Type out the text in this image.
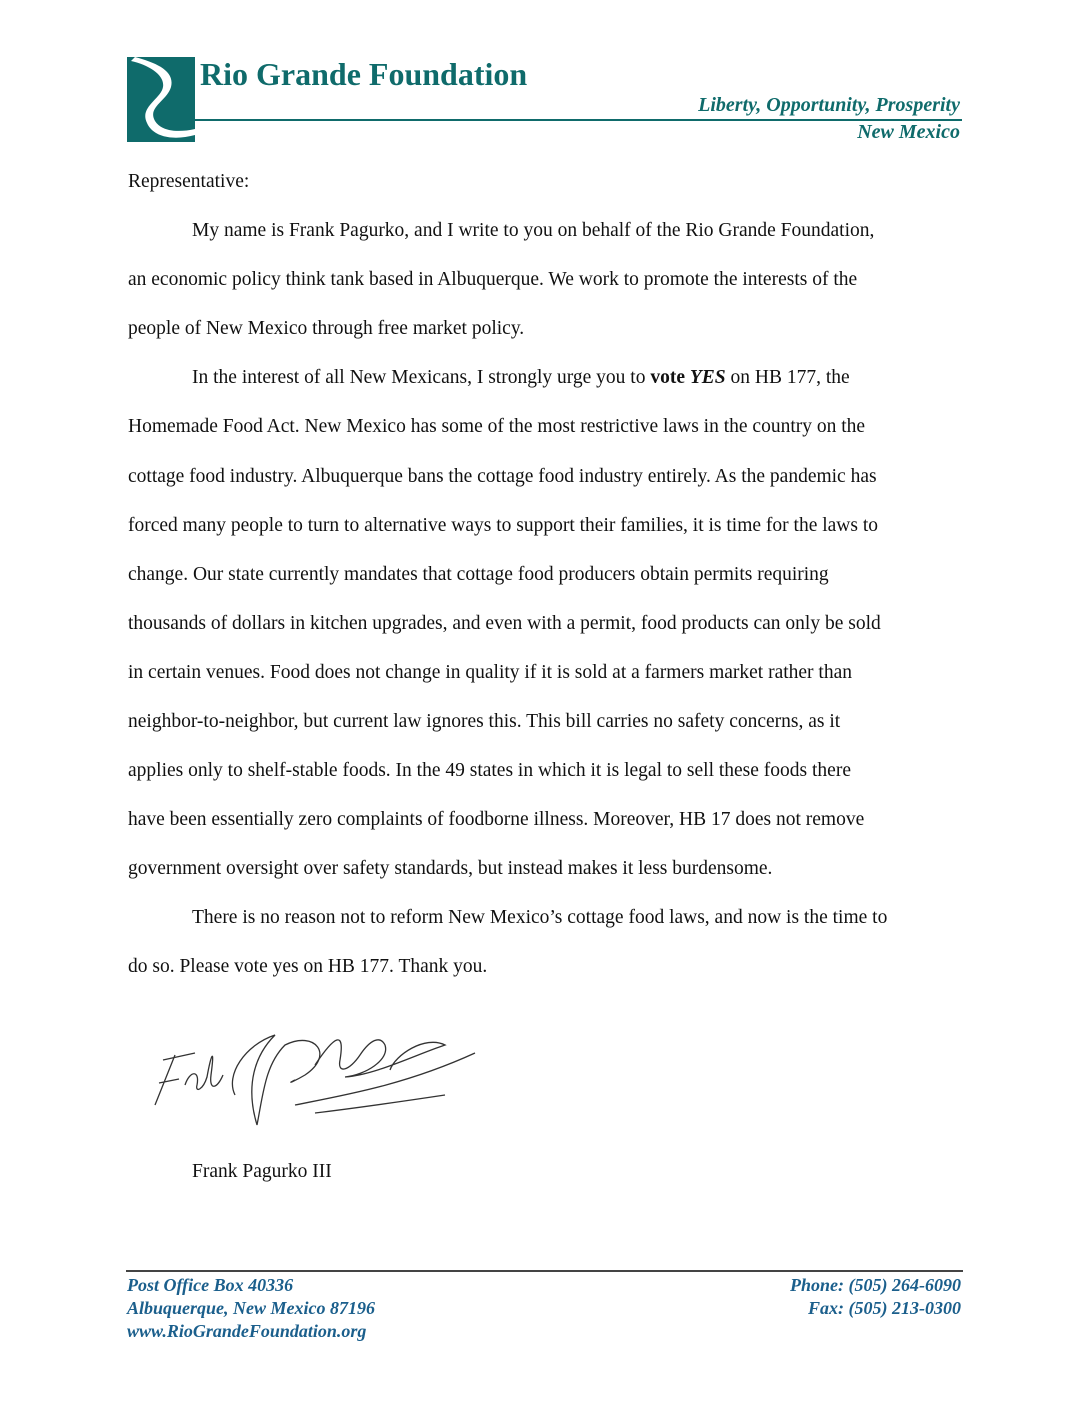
Rio Grande Foundation
Liberty, Opportunity, Prosperity
New Mexico
Representative:
My name is Frank Pagurko, and I write to you on behalf of the Rio Grande Foundation,
an economic policy think tank based in Albuquerque. We work to promote the interests of the
people of New Mexico through free market policy.
In the interest of all New Mexicans, I strongly urge you to vote YES on HB 177, the
Homemade Food Act. New Mexico has some of the most restrictive laws in the country on the
cottage food industry. Albuquerque bans the cottage food industry entirely. As the pandemic has
forced many people to turn to alternative ways to support their families, it is time for the laws to
change. Our state currently mandates that cottage food producers obtain permits requiring
thousands of dollars in kitchen upgrades, and even with a permit, food products can only be sold
in certain venues. Food does not change in quality if it is sold at a farmers market rather than
neighbor-to-neighbor, but current law ignores this. This bill carries no safety concerns, as it
applies only to shelf-stable foods. In the 49 states in which it is legal to sell these foods there
have been essentially zero complaints of foodborne illness. Moreover, HB 17 does not remove
government oversight over safety standards, but instead makes it less burdensome.
There is no reason not to reform New Mexico’s cottage food laws, and now is the time to
do so. Please vote yes on HB 177. Thank you.
Frank Pagurko III
Post Office Box 40336
Albuquerque, New Mexico 87196
www.RioGrandeFoundation.org
Phone: (505) 264-6090
Fax: (505) 213-0300
